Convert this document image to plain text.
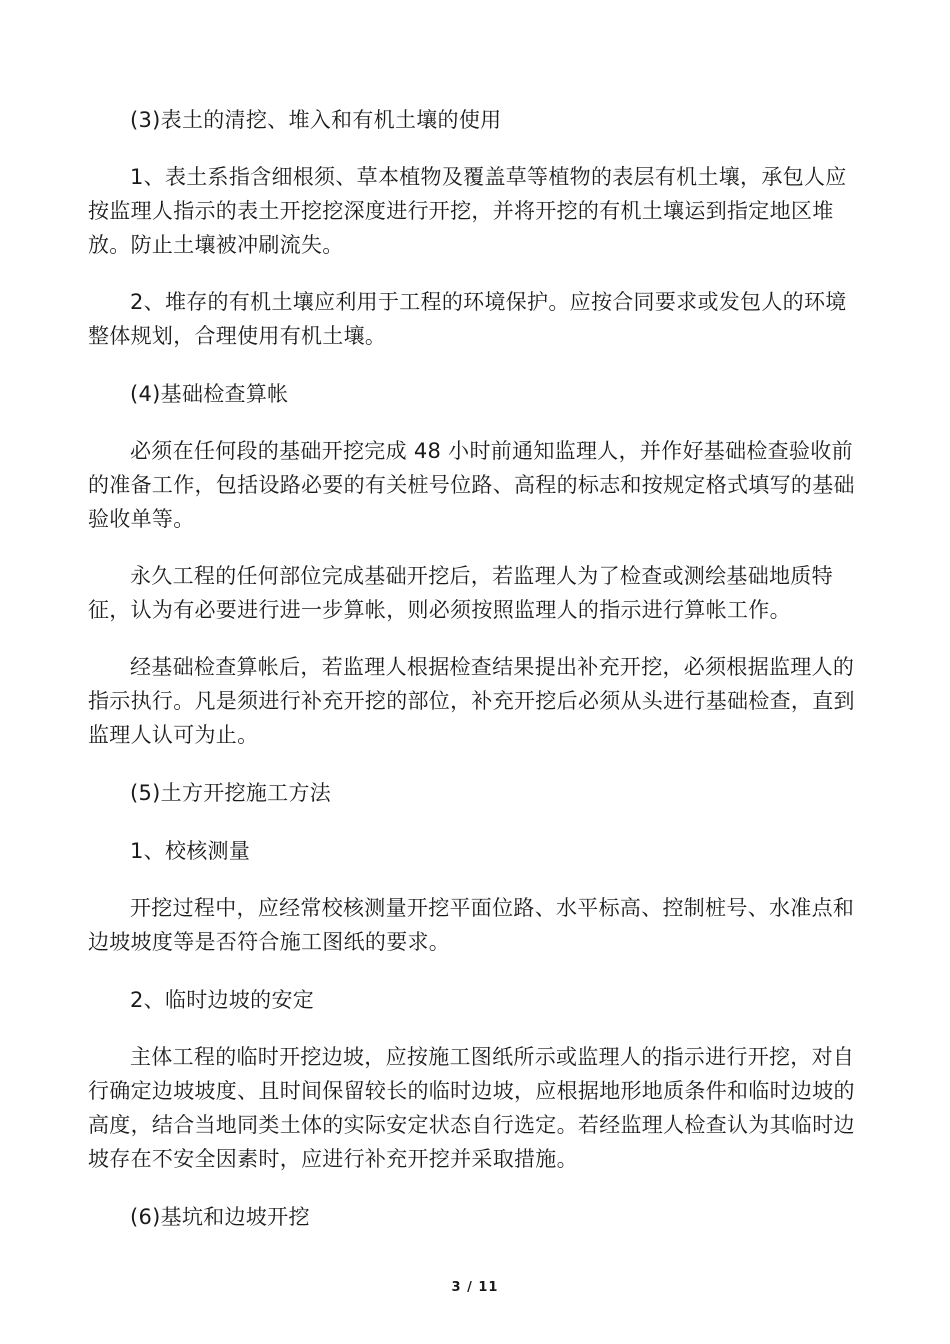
(3)表土的清挖、堆入和有机土壤的使用

1、表土系指含细根须、草本植物及覆盖草等植物的表层有机土壤，承包人应按监理人指示的表土开挖挖深度进行开挖，并将开挖的有机土壤运到指定地区堆放。防止土壤被冲刷流失。

2、堆存的有机土壤应利用于工程的环境保护。应按合同要求或发包人的环境整体规划，合理使用有机土壤。

(4)基础检查算帐

必须在任何段的基础开挖完成 48 小时前通知监理人，并作好基础检查验收前的准备工作，包括设路必要的有关桩号位路、高程的标志和按规定格式填写的基础验收单等。

永久工程的任何部位完成基础开挖后，若监理人为了检查或测绘基础地质特征，认为有必要进行进一步算帐，则必须按照监理人的指示进行算帐工作。

经基础检查算帐后，若监理人根据检查结果提出补充开挖，必须根据监理人的指示执行。凡是须进行补充开挖的部位，补充开挖后必须从头进行基础检查，直到监理人认可为止。

(5)土方开挖施工方法

1、校核测量

开挖过程中，应经常校核测量开挖平面位路、水平标高、控制桩号、水准点和边坡坡度等是否符合施工图纸的要求。

2、临时边坡的安定

主体工程的临时开挖边坡，应按施工图纸所示或监理人的指示进行开挖，对自行确定边坡坡度、且时间保留较长的临时边坡，应根据地形地质条件和临时边坡的高度，结合当地同类土体的实际安定状态自行选定。若经监理人检查认为其临时边坡存在不安全因素时，应进行补充开挖并采取措施。

(6)基坑和边坡开挖

3 / 11
